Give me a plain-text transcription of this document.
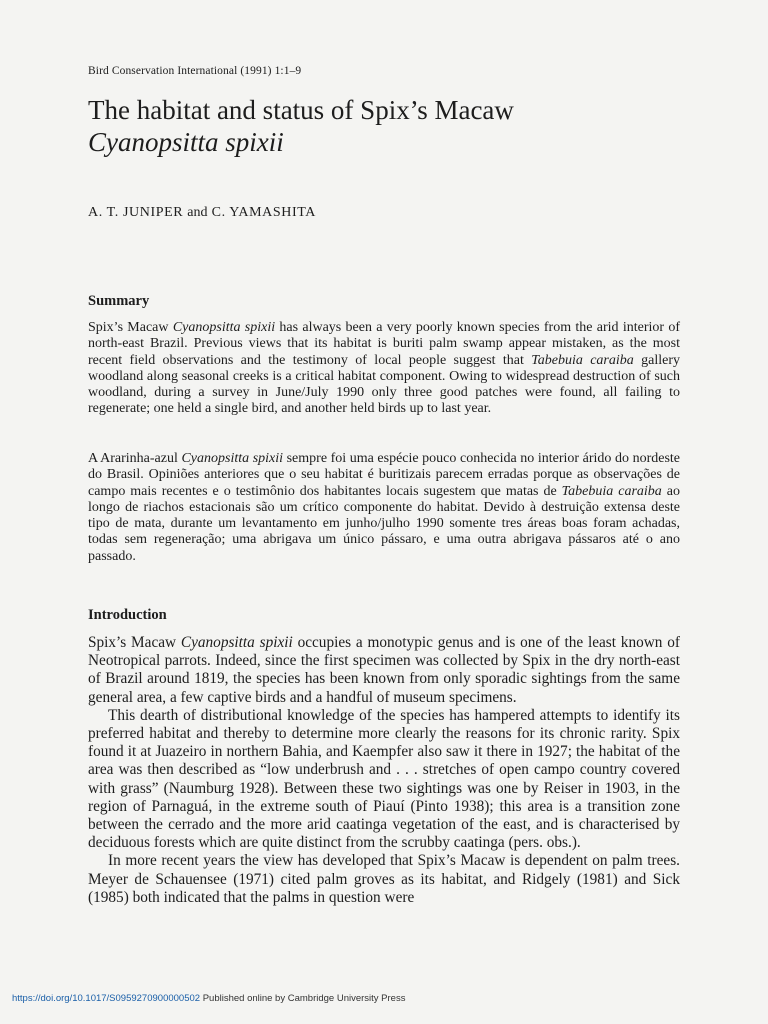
Bird Conservation International (1991) 1:1–9
The habitat and status of Spix’s Macaw
Cyanopsitta spixii
A. T. JUNIPER and C. YAMASHITA
Summary

Spix’s Macaw Cyanopsitta spixii has always been a very poorly known species from the arid interior of north-east Brazil. Previous views that its habitat is buriti palm swamp appear mistaken, as the most recent field observations and the testimony of local people suggest that Tabebuia caraiba gallery woodland along seasonal creeks is a critical habitat component. Owing to widespread destruction of such woodland, during a survey in June/July 1990 only three good patches were found, all failing to regenerate; one held a single bird, and another held birds up to last year.

A Ararinha-azul Cyanopsitta spixii sempre foi uma espécie pouco conhecida no interior árido do nordeste do Brasil. Opiniões anteriores que o seu habitat é buritizais parecem erradas porque as observações de campo mais recentes e o testimônio dos habitantes locais sugestem que matas de Tabebuia caraiba ao longo de riachos estacionais são um crítico componente do habitat. Devido à destruição extensa deste tipo de mata, durante um levantamento em junho/julho 1990 somente tres áreas boas foram achadas, todas sem regeneração; uma abrigava um único pássaro, e uma outra abrigava pássaros até o ano passado.

Introduction

Spix’s Macaw Cyanopsitta spixii occupies a monotypic genus and is one of the least known of Neotropical parrots. Indeed, since the first specimen was collected by Spix in the dry north-east of Brazil around 1819, the species has been known from only sporadic sightings from the same general area, a few captive birds and a handful of museum specimens.

This dearth of distributional knowledge of the species has hampered attempts to identify its preferred habitat and thereby to determine more clearly the reasons for its chronic rarity. Spix found it at Juazeiro in northern Bahia, and Kaempfer also saw it there in 1927; the habitat of the area was then described as “low underbrush and . . . stretches of open campo country covered with grass” (Naumburg 1928). Between these two sightings was one by Reiser in 1903, in the region of Parnaguá, in the extreme south of Piauí (Pinto 1938); this area is a transition zone between the cerrado and the more arid caatinga vegetation of the east, and is characterised by deciduous forests which are quite distinct from the scrubby caatinga (pers. obs.).

In more recent years the view has developed that Spix’s Macaw is dependent on palm trees. Meyer de Schauensee (1971) cited palm groves as its habitat, and Ridgely (1981) and Sick (1985) both indicated that the palms in question were

https://doi.org/10.1017/S0959270900000502 Published online by Cambridge University Press
